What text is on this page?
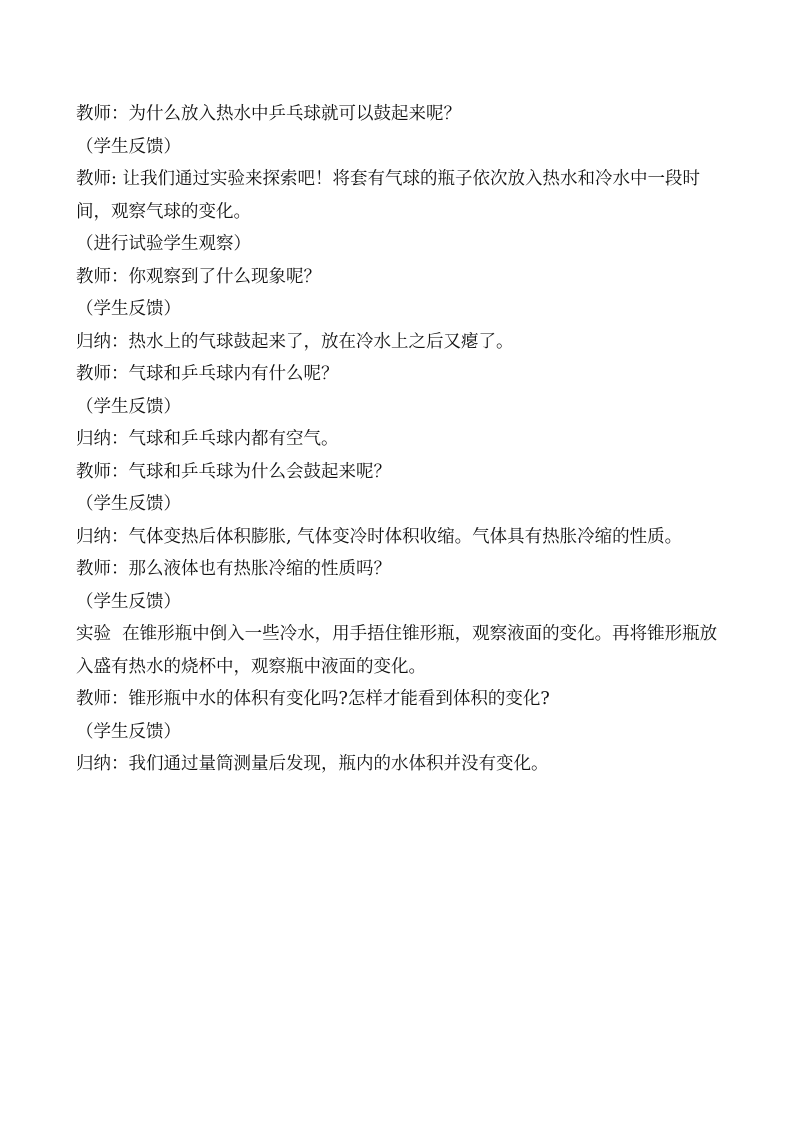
教师：为什么放入热水中乒乓球就可以鼓起来呢？

（学生反馈）

教师: 让我们通过实验来探索吧！将套有气球的瓶子依次放入热水和冷水中一段时间，观察气球的变化。

（进行试验学生观察）

教师：你观察到了什么现象呢？

（学生反馈）

归纳：热水上的气球鼓起来了，放在冷水上之后又瘪了。

教师：气球和乒乓球内有什么呢？

（学生反馈）

归纳：气球和乒乓球内都有空气。

教师：气球和乒乓球为什么会鼓起来呢？

（学生反馈）

归纳：气体变热后体积膨胀, 气体变冷时体积收缩。气体具有热胀冷缩的性质。

教师：那么液体也有热胀冷缩的性质吗？

（学生反馈）

实验  在锥形瓶中倒入一些冷水，用手捂住锥形瓶，观察液面的变化。再将锥形瓶放入盛有热水的烧杯中，观察瓶中液面的变化。

教师：锥形瓶中水的体积有变化吗?怎样才能看到体积的变化?

（学生反馈）

归纳：我们通过量筒测量后发现，瓶内的水体积并没有变化。
